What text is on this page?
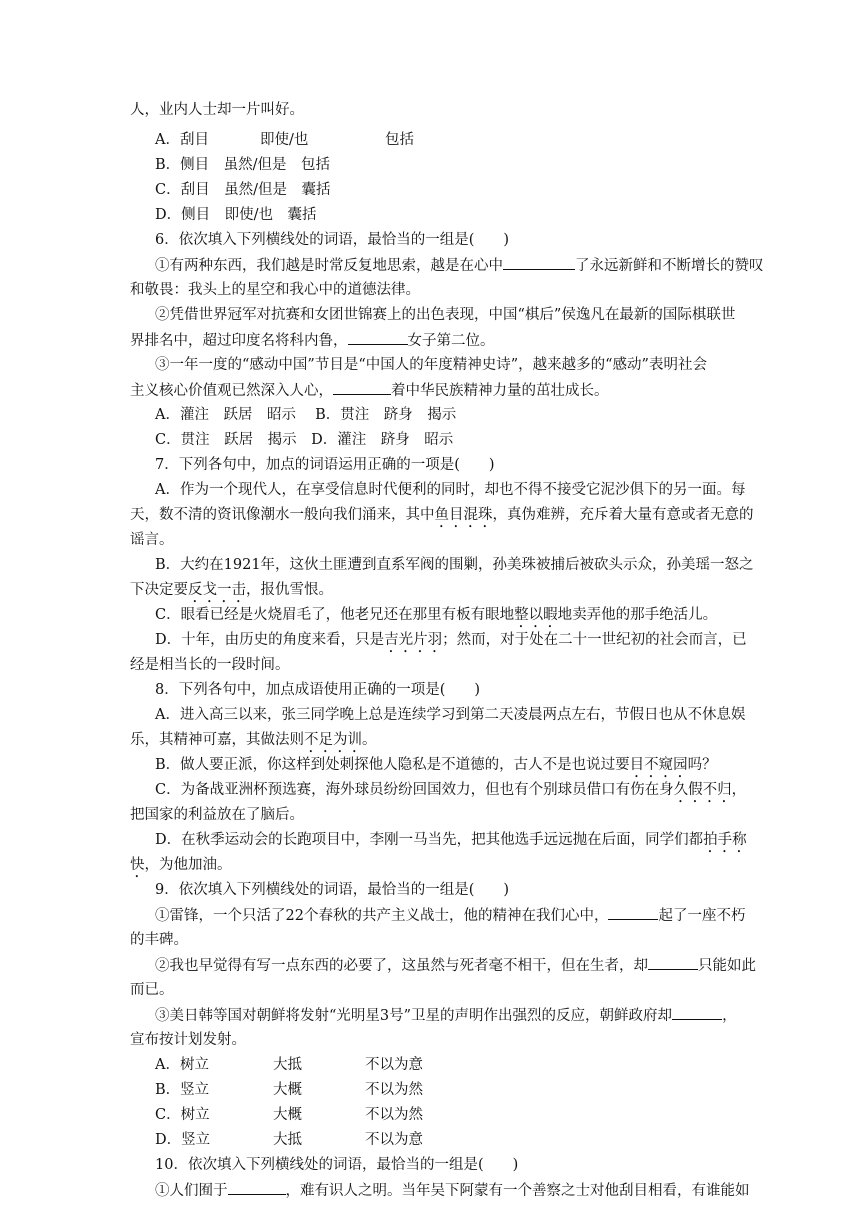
人，业内人士却一片叫好。
A．刮目	即使/也	包括
B．侧目　虽然/但是　包括
C．刮目　虽然/但是　囊括
D．侧目　即使/也　囊括
6．依次填入下列横线处的词语，最恰当的一组是(　　)
①有两种东西，我们越是时常反复地思索，越是在心中	了永远新鲜和不断增长的赞叹
和敬畏：我头上的星空和我心中的道德法律。
②凭借世界冠军对抗赛和女团世锦赛上的出色表现，中国“棋后”侯逸凡在最新的国际棋联世
界排名中，超过印度名将科内鲁，	女子第二位。
③一年一度的“感动中国”节目是“中国人的年度精神史诗”，越来越多的“感动”表明社会
主义核心价值观已然深入人心，	着中华民族精神力量的茁壮成长。
A．灌注　跃居　昭示　 B．贯注　跻身　揭示
C．贯注　跃居　揭示　D．灌注　跻身　昭示
7．下列各句中，加点的词语运用正确的一项是(　　)
A．作为一个现代人，在享受信息时代便利的同时，却也不得不接受它泥沙俱下的另一面。每
天，数不清的资讯像潮水一般向我们涌来，其中鱼目混珠，真伪难辨，充斥着大量有意或者无意的
谣言。
B．大约在1921年，这伙土匪遭到直系军阀的围剿，孙美珠被捕后被砍头示众，孙美瑶一怒之
下决定要反戈一击，报仇雪恨。
C．眼看已经是火烧眉毛了，他老兄还在那里有板有眼地整以暇地卖弄他的那手绝活儿。
D．十年，由历史的角度来看，只是吉光片羽；然而，对于处在二十一世纪初的社会而言，已
经是相当长的一段时间。
8．下列各句中，加点成语使用正确的一项是(　　)
A．进入高三以来，张三同学晚上总是连续学习到第二天凌晨两点左右，节假日也从不休息娱
乐，其精神可嘉，其做法则不足为训。
B．做人要正派，你这样到处刺探他人隐私是不道德的，古人不是也说过要目不窥园吗？
C．为备战亚洲杯预选赛，海外球员纷纷回国效力，但也有个别球员借口有伤在身久假不归，
把国家的利益放在了脑后。
D．在秋季运动会的长跑项目中，李刚一马当先，把其他选手远远抛在后面，同学们都拍手称
快，为他加油。
9．依次填入下列横线处的词语，最恰当的一组是(　　)
①雷锋，一个只活了22个春秋的共产主义战士，他的精神在我们心中，	起了一座不朽
的丰碑。
②我也早觉得有写一点东西的必要了，这虽然与死者毫不相干，但在生者，却	只能如此
而已。
③美日韩等国对朝鲜将发射“光明星3号”卫星的声明作出强烈的反应，朝鲜政府却	，
宣布按计划发射。
A．树立	大抵	不以为意
B．竖立	大概	不以为然
C．树立	大概	不以为然
D．竖立	大抵	不以为意
10．依次填入下列横线处的词语，最恰当的一组是(　　)
①人们囿于	，难有识人之明。当年吴下阿蒙有一个善察之士对他刮目相看，有谁能如
